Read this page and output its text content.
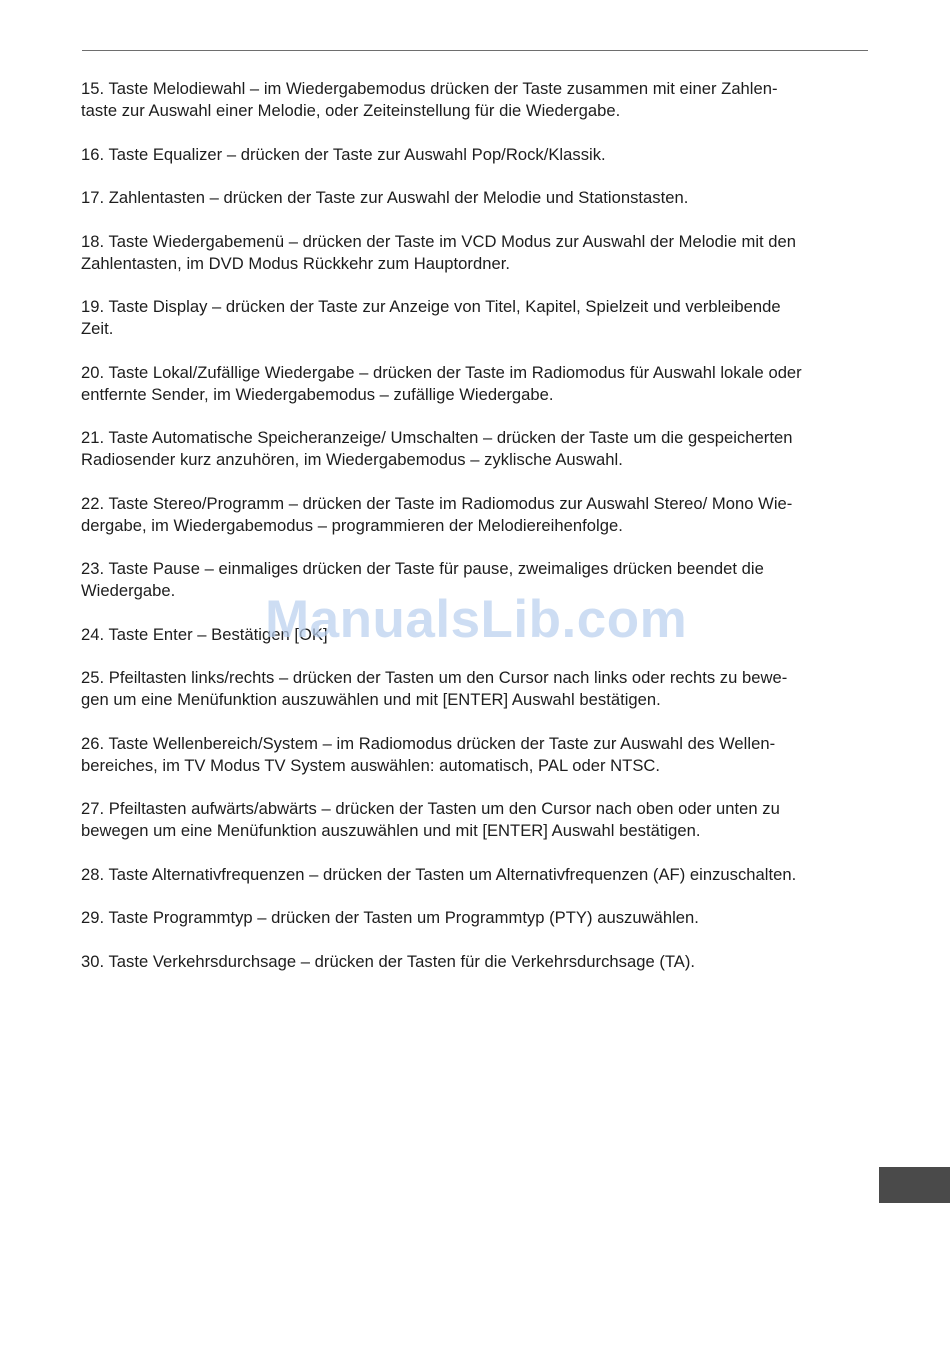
15. Taste Melodiewahl – im Wiedergabemodus drücken der Taste zusammen mit einer Zahlen-
taste zur Auswahl einer Melodie, oder Zeiteinstellung für die Wiedergabe.

16. Taste Equalizer – drücken der Taste zur Auswahl Pop/Rock/Klassik.

17. Zahlentasten – drücken der Taste zur Auswahl der Melodie und Stationstasten.

18. Taste Wiedergabemenü – drücken der Taste im VCD Modus zur Auswahl der Melodie mit den
Zahlentasten, im DVD Modus Rückkehr zum Hauptordner.

19. Taste Display – drücken der Taste zur Anzeige von Titel, Kapitel, Spielzeit und verbleibende
Zeit.

20. Taste Lokal/Zufällige Wiedergabe – drücken der Taste im Radiomodus für Auswahl lokale oder
entfernte Sender, im Wiedergabemodus – zufällige Wiedergabe.

21. Taste Automatische Speicheranzeige/ Umschalten – drücken der Taste um die gespeicherten
Radiosender kurz anzuhören, im Wiedergabemodus – zyklische Auswahl.

22. Taste Stereo/Programm – drücken der Taste im Radiomodus zur Auswahl Stereo/ Mono Wie-
dergabe, im Wiedergabemodus – programmieren der Melodiereihenfolge.

23. Taste Pause – einmaliges drücken der Taste für pause, zweimaliges drücken beendet die
Wiedergabe.

24. Taste Enter – Bestätigen [OK]

25. Pfeiltasten links/rechts – drücken der Tasten um den Cursor nach links oder rechts zu bewe-
gen um eine Menüfunktion auszuwählen und mit [ENTER] Auswahl bestätigen.

26. Taste Wellenbereich/System – im Radiomodus drücken der Taste zur Auswahl des Wellen-
bereiches, im TV Modus TV System auswählen: automatisch, PAL oder NTSC.

27. Pfeiltasten aufwärts/abwärts – drücken der Tasten um den Cursor nach oben oder unten zu
bewegen um eine Menüfunktion auszuwählen und mit [ENTER] Auswahl bestätigen.

28. Taste Alternativfrequenzen – drücken der Tasten um Alternativfrequenzen (AF) einzuschalten.

29. Taste Programmtyp – drücken der Tasten um Programmtyp (PTY) auszuwählen.

30. Taste Verkehrsdurchsage – drücken der Tasten für die Verkehrsdurchsage (TA).

ManualsLib.com
